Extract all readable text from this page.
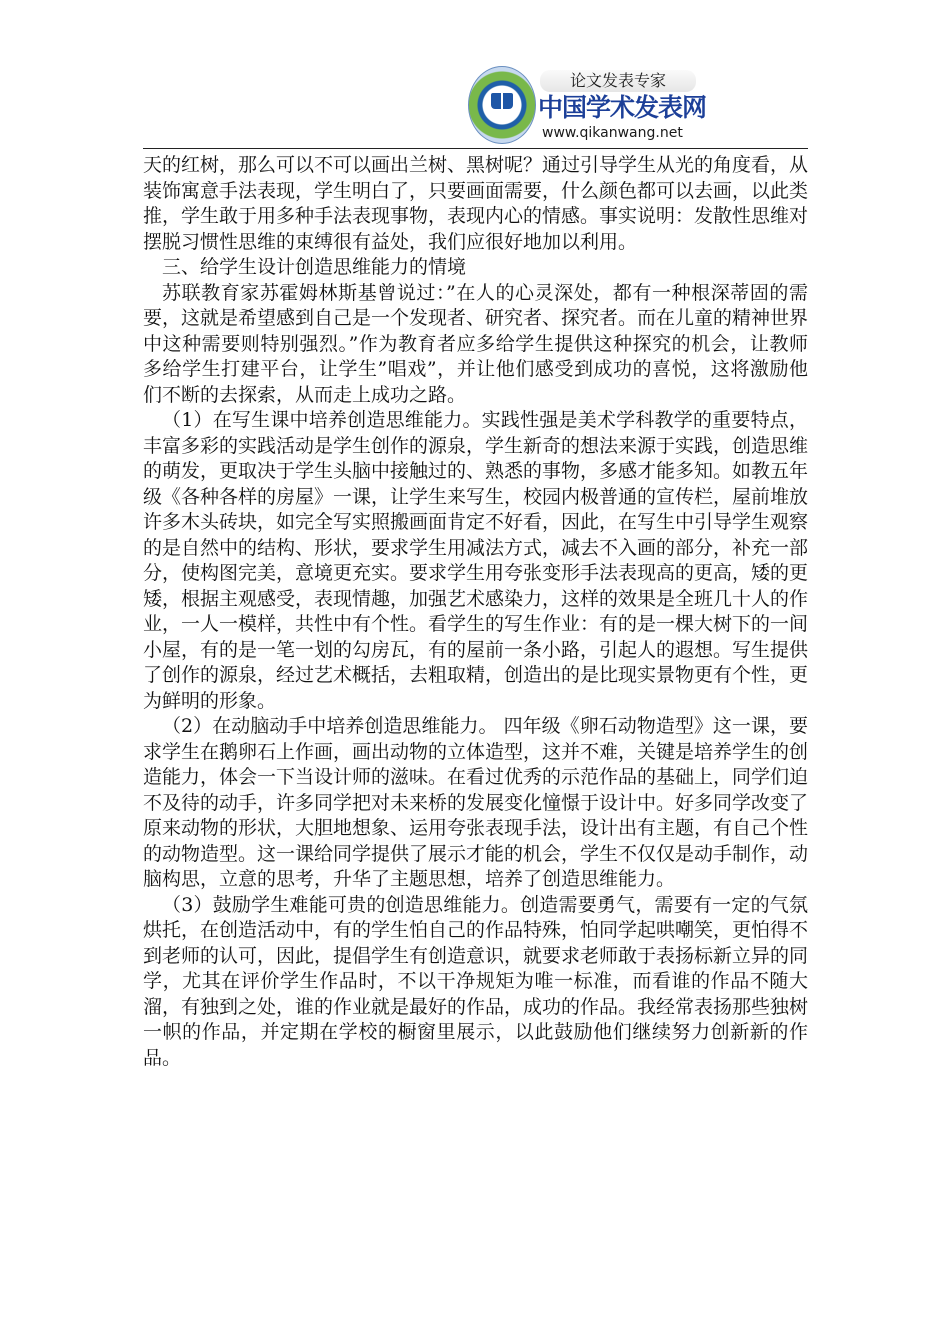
论文发表专家
中国学术发表网
www.qikanwang.net

天的红树，那么可以不可以画出兰树、黑树呢？通过引导学生从光的角度看，从装饰寓意手法表现，学生明白了，只要画面需要，什么颜色都可以去画，以此类推，学生敢于用多种手法表现事物，表现内心的情感。事实说明：发散性思维对摆脱习惯性思维的束缚很有益处，我们应很好地加以利用。

三、给学生设计创造思维能力的情境

苏联教育家苏霍姆林斯基曾说过：”在人的心灵深处，都有一种根深蒂固的需要，这就是希望感到自己是一个发现者、研究者、探究者。而在儿童的精神世界中这种需要则特别强烈。”作为教育者应多给学生提供这种探究的机会，让教师多给学生打建平台，让学生”唱戏”，并让他们感受到成功的喜悦，这将激励他们不断的去探索，从而走上成功之路。

（1）在写生课中培养创造思维能力。实践性强是美术学科教学的重要特点，丰富多彩的实践活动是学生创作的源泉，学生新奇的想法来源于实践，创造思维的萌发，更取决于学生头脑中接触过的、熟悉的事物，多感才能多知。如教五年级《各种各样的房屋》一课，让学生来写生，校园内极普通的宣传栏，屋前堆放许多木头砖块，如完全写实照搬画面肯定不好看，因此，在写生中引导学生观察的是自然中的结构、形状，要求学生用减法方式，减去不入画的部分，补充一部分，使构图完美，意境更充实。要求学生用夸张变形手法表现高的更高，矮的更矮，根据主观感受，表现情趣，加强艺术感染力，这样的效果是全班几十人的作业，一人一模样，共性中有个性。看学生的写生作业：有的是一棵大树下的一间小屋，有的是一笔一划的勾房瓦，有的屋前一条小路，引起人的遐想。写生提供了创作的源泉，经过艺术概括，去粗取精，创造出的是比现实景物更有个性，更为鲜明的形象。

（2）在动脑动手中培养创造思维能力。 四年级《卵石动物造型》这一课，要求学生在鹅卵石上作画，画出动物的立体造型，这并不难，关键是培养学生的创造能力，体会一下当设计师的滋味。在看过优秀的示范作品的基础上，同学们迫不及待的动手，许多同学把对未来桥的发展变化憧憬于设计中。好多同学改变了原来动物的形状，大胆地想象、运用夸张表现手法，设计出有主题，有自己个性的动物造型。这一课给同学提供了展示才能的机会，学生不仅仅是动手制作，动脑构思，立意的思考，升华了主题思想，培养了创造思维能力。

（3）鼓励学生难能可贵的创造思维能力。创造需要勇气，需要有一定的气氛烘托，在创造活动中，有的学生怕自己的作品特殊，怕同学起哄嘲笑，更怕得不到老师的认可，因此，提倡学生有创造意识，就要求老师敢于表扬标新立异的同学，尤其在评价学生作品时，不以干净规矩为唯一标准，而看谁的作品不随大溜，有独到之处，谁的作业就是最好的作品，成功的作品。我经常表扬那些独树一帜的作品，并定期在学校的橱窗里展示，以此鼓励他们继续努力创新新的作品。
